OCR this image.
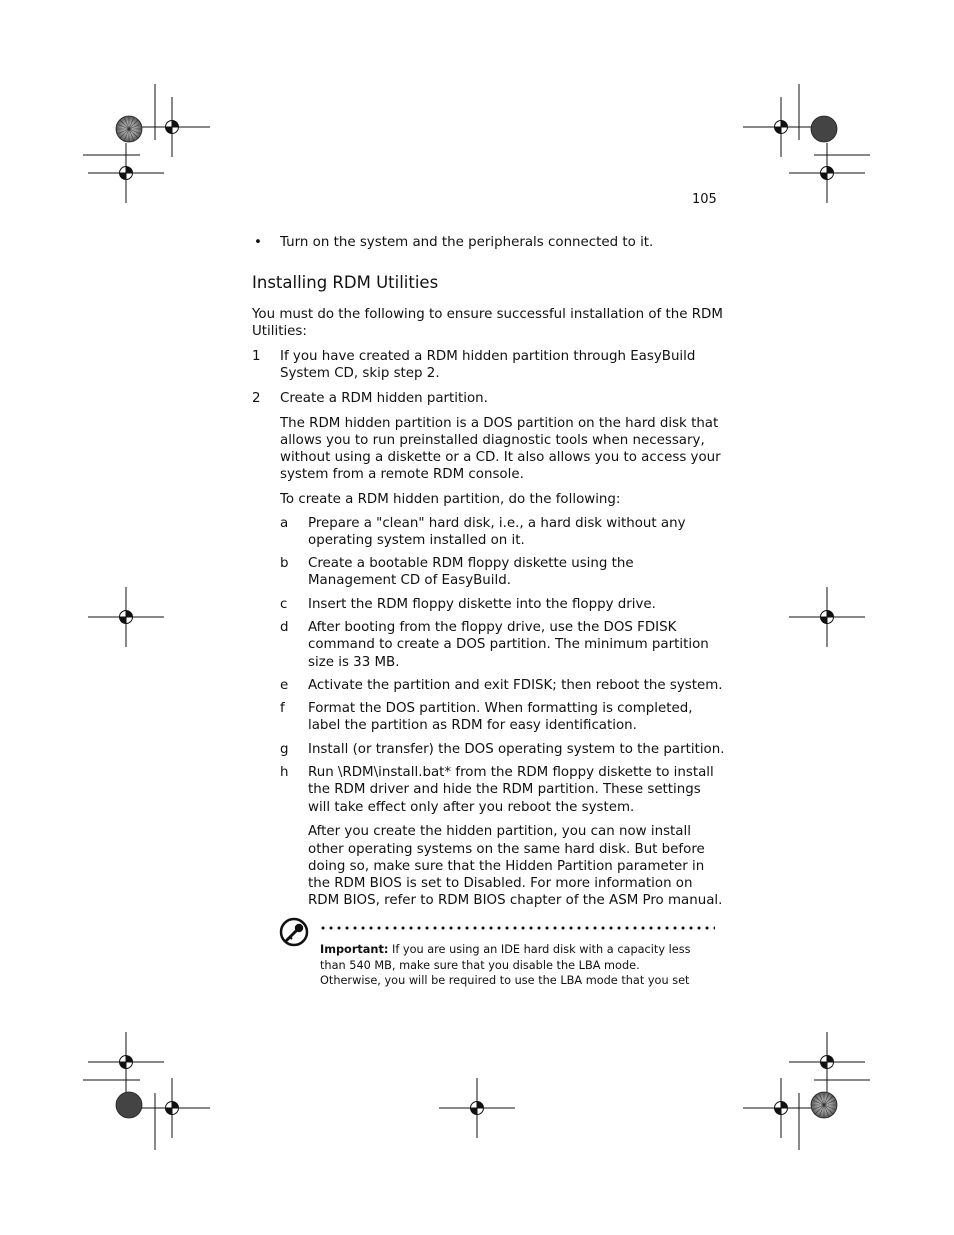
105
• Turn on the system and the peripherals connected to it.
Installing RDM Utilities
You must do the following to ensure successful installation of the RDM
Utilities:
1 If you have created a RDM hidden partition through EasyBuild
System CD, skip step 2.
2 Create a RDM hidden partition.
The RDM hidden partition is a DOS partition on the hard disk that
allows you to run preinstalled diagnostic tools when necessary,
without using a diskette or a CD. It also allows you to access your
system from a remote RDM console.
To create a RDM hidden partition, do the following:
a Prepare a "clean" hard disk, i.e., a hard disk without any
operating system installed on it.
b Create a bootable RDM floppy diskette using the
Management CD of EasyBuild.
c Insert the RDM floppy diskette into the floppy drive.
d After booting from the floppy drive, use the DOS FDISK
command to create a DOS partition. The minimum partition
size is 33 MB.
e Activate the partition and exit FDISK; then reboot the system.
f Format the DOS partition. When formatting is completed,
label the partition as RDM for easy identification.
g Install (or transfer) the DOS operating system to the partition.
h Run \RDM\install.bat* from the RDM floppy diskette to install
the RDM driver and hide the RDM partition. These settings
will take effect only after you reboot the system.
After you create the hidden partition, you can now install
other operating systems on the same hard disk. But before
doing so, make sure that the Hidden Partition parameter in
the RDM BIOS is set to Disabled. For more information on
RDM BIOS, refer to RDM BIOS chapter of the ASM Pro manual.
Important: If you are using an IDE hard disk with a capacity less
than 540 MB, make sure that you disable the LBA mode.
Otherwise, you will be required to use the LBA mode that you set
